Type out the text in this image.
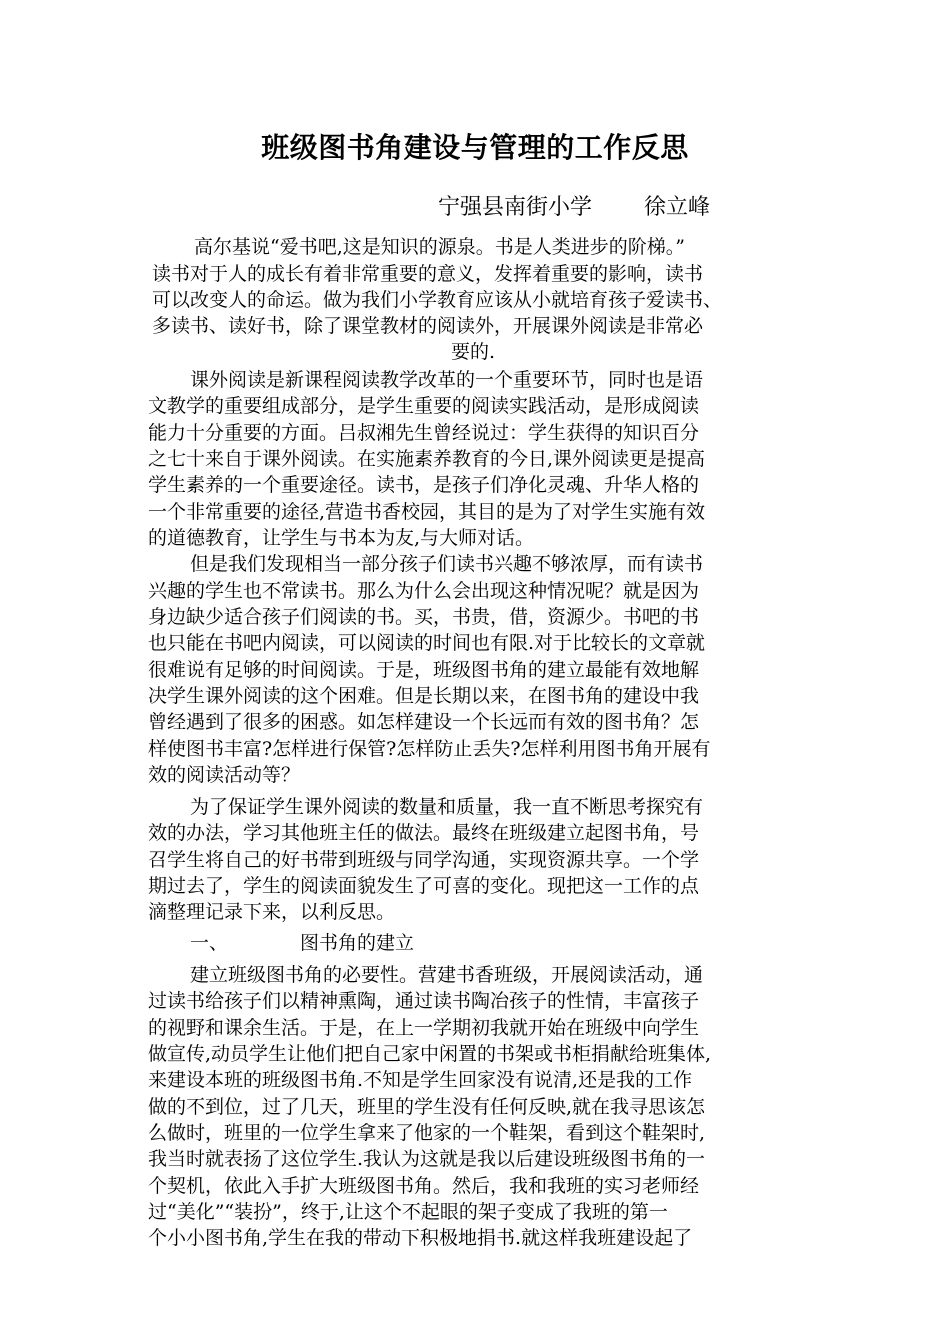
班级图书角建设与管理的工作反思
宁强县南街小学 徐立峰
高尔基说“爱书吧,这是知识的源泉。书是人类进步的阶梯。”
读书对于人的成长有着非常重要的意义，发挥着重要的影响，读书
可以改变人的命运。做为我们小学教育应该从小就培育孩子爱读书、
多读书、读好书，除了课堂教材的阅读外，开展课外阅读是非常必
要的.
课外阅读是新课程阅读教学改革的一个重要环节，同时也是语
文教学的重要组成部分，是学生重要的阅读实践活动，是形成阅读
能力十分重要的方面。吕叔湘先生曾经说过：学生获得的知识百分
之七十来自于课外阅读。在实施素养教育的今日,课外阅读更是提高
学生素养的一个重要途径。读书，是孩子们净化灵魂、升华人格的
一个非常重要的途径,营造书香校园，其目的是为了对学生实施有效
的道德教育，让学生与书本为友,与大师对话。
但是我们发现相当一部分孩子们读书兴趣不够浓厚，而有读书
兴趣的学生也不常读书。那么为什么会出现这种情况呢？就是因为
身边缺少适合孩子们阅读的书。买，书贵，借，资源少。书吧的书
也只能在书吧内阅读，可以阅读的时间也有限.对于比较长的文章就
很难说有足够的时间阅读。于是，班级图书角的建立最能有效地解
决学生课外阅读的这个困难。但是长期以来，在图书角的建设中我
曾经遇到了很多的困惑。如怎样建设一个长远而有效的图书角？怎
样使图书丰富?怎样进行保管?怎样防止丢失?怎样利用图书角开展有
效的阅读活动等？
为了保证学生课外阅读的数量和质量，我一直不断思考探究有
效的办法，学习其他班主任的做法。最终在班级建立起图书角，号
召学生将自己的好书带到班级与同学沟通，实现资源共享。一个学
期过去了，学生的阅读面貌发生了可喜的变化。现把这一工作的点
滴整理记录下来，以利反思。
一、	图书角的建立
建立班级图书角的必要性。营建书香班级，开展阅读活动，通
过读书给孩子们以精神熏陶，通过读书陶冶孩子的性情，丰富孩子
的视野和课余生活。于是，在上一学期初我就开始在班级中向学生
做宣传,动员学生让他们把自己家中闲置的书架或书柜捐献给班集体,
来建设本班的班级图书角.不知是学生回家没有说清,还是我的工作
做的不到位，过了几天，班里的学生没有任何反映,就在我寻思该怎
么做时，班里的一位学生拿来了他家的一个鞋架，看到这个鞋架时,
我当时就表扬了这位学生.我认为这就是我以后建设班级图书角的一
个契机，依此入手扩大班级图书角。然后，我和我班的实习老师经
过“美化”“装扮”，终于,让这个不起眼的架子变成了我班的第一
个小小图书角,学生在我的带动下积极地捐书.就这样我班建设起了
